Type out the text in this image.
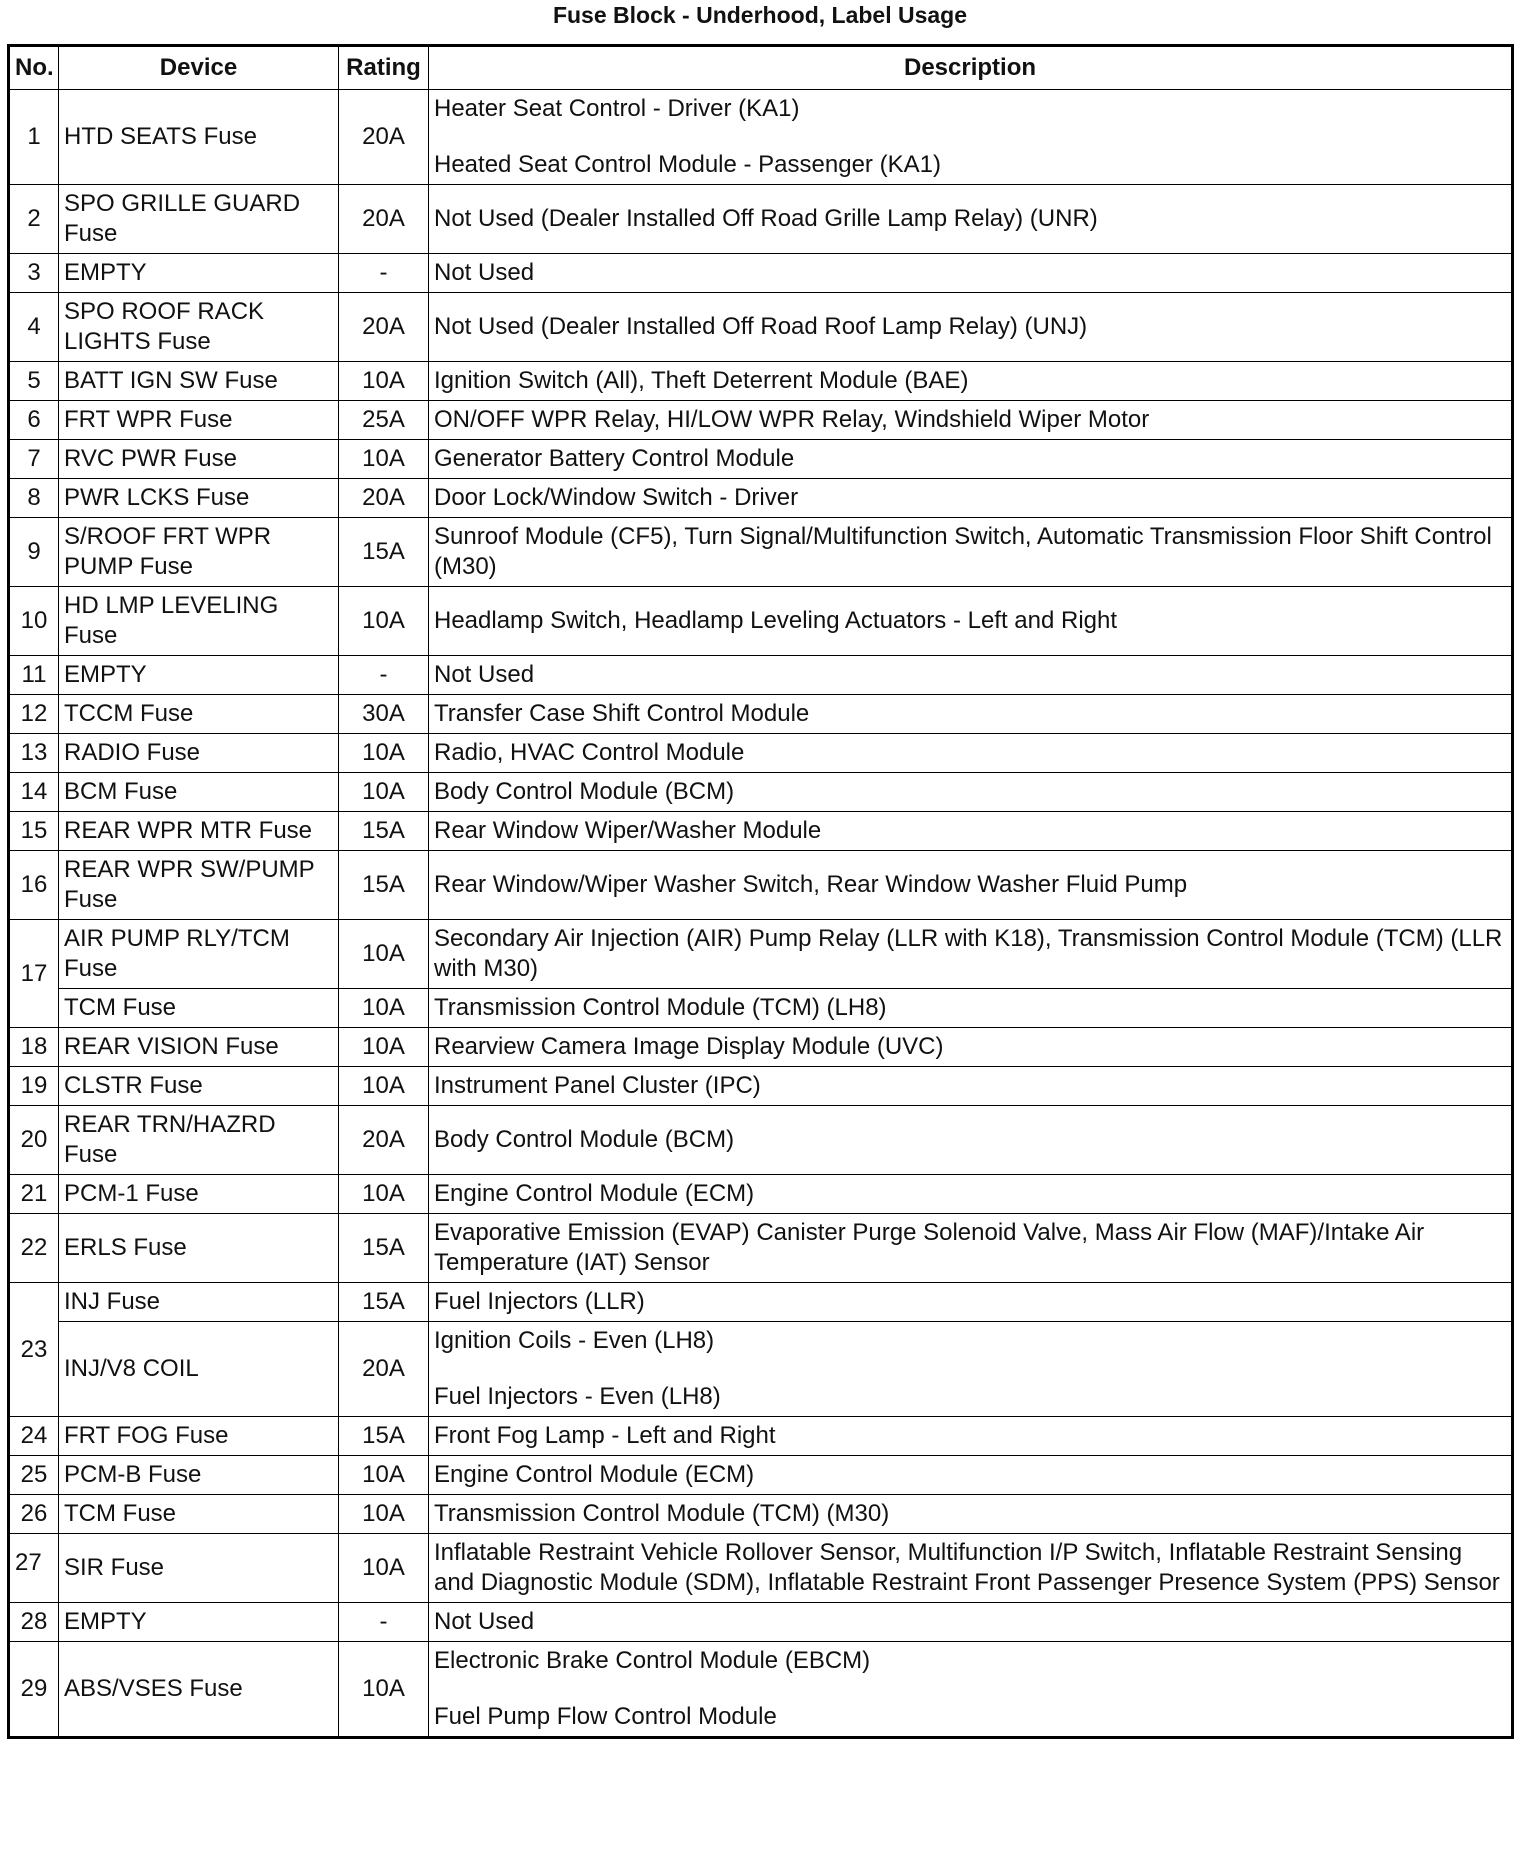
Fuse Block - Underhood, Label Usage
No.	Device	Rating	Description
1	HTD SEATS Fuse	20A	Heater Seat Control - Driver (KA1)
Heated Seat Control Module - Passenger (KA1)

2	SPO GRILLE GUARD Fuse	20A	Not Used (Dealer Installed Off Road Grille Lamp Relay) (UNR)
3	EMPTY	-	Not Used
4	SPO ROOF RACK LIGHTS Fuse	20A	Not Used (Dealer Installed Off Road Roof Lamp Relay) (UNJ)
5	BATT IGN SW Fuse	10A	Ignition Switch (All), Theft Deterrent Module (BAE)
6	FRT WPR Fuse	25A	ON/OFF WPR Relay, HI/LOW WPR Relay, Windshield Wiper Motor
7	RVC PWR Fuse	10A	Generator Battery Control Module
8	PWR LCKS Fuse	20A	Door Lock/Window Switch - Driver
9	S/ROOF FRT WPR PUMP Fuse	15A	Sunroof Module (CF5), Turn Signal/Multifunction Switch, Automatic Transmission Floor Shift Control (M30)
10	HD LMP LEVELING Fuse	10A	Headlamp Switch, Headlamp Leveling Actuators - Left and Right
11	EMPTY	-	Not Used
12	TCCM Fuse	30A	Transfer Case Shift Control Module
13	RADIO Fuse	10A	Radio, HVAC Control Module
14	BCM Fuse	10A	Body Control Module (BCM)
15	REAR WPR MTR Fuse	15A	Rear Window Wiper/Washer Module
16	REAR WPR SW/PUMP Fuse	15A	Rear Window/Wiper Washer Switch, Rear Window Washer Fluid Pump
17	AIR PUMP RLY/TCM Fuse	10A	Secondary Air Injection (AIR) Pump Relay (LLR with K18), Transmission Control Module (TCM) (LLR with M30)
	TCM Fuse	10A	Transmission Control Module (TCM) (LH8)
18	REAR VISION Fuse	10A	Rearview Camera Image Display Module (UVC)
19	CLSTR Fuse	10A	Instrument Panel Cluster (IPC)
20	REAR TRN/HAZRD Fuse	20A	Body Control Module (BCM)
21	PCM-1 Fuse	10A	Engine Control Module (ECM)
22	ERLS Fuse	15A	Evaporative Emission (EVAP) Canister Purge Solenoid Valve, Mass Air Flow (MAF)/Intake Air Temperature (IAT) Sensor
23	INJ Fuse	15A	Fuel Injectors (LLR)
	INJ/V8 COIL	20A	Ignition Coils - Even (LH8)
Fuel Injectors - Even (LH8)

24	FRT FOG Fuse	15A	Front Fog Lamp - Left and Right
25	PCM-B Fuse	10A	Engine Control Module (ECM)
26	TCM Fuse	10A	Transmission Control Module (TCM) (M30)
27	SIR Fuse	10A	Inflatable Restraint Vehicle Rollover Sensor, Multifunction I/P Switch, Inflatable Restraint Sensing and Diagnostic Module (SDM), Inflatable Restraint Front Passenger Presence System (PPS) Sensor
28	EMPTY	-	Not Used
29	ABS/VSES Fuse	10A	Electronic Brake Control Module (EBCM)
Fuel Pump Flow Control Module
